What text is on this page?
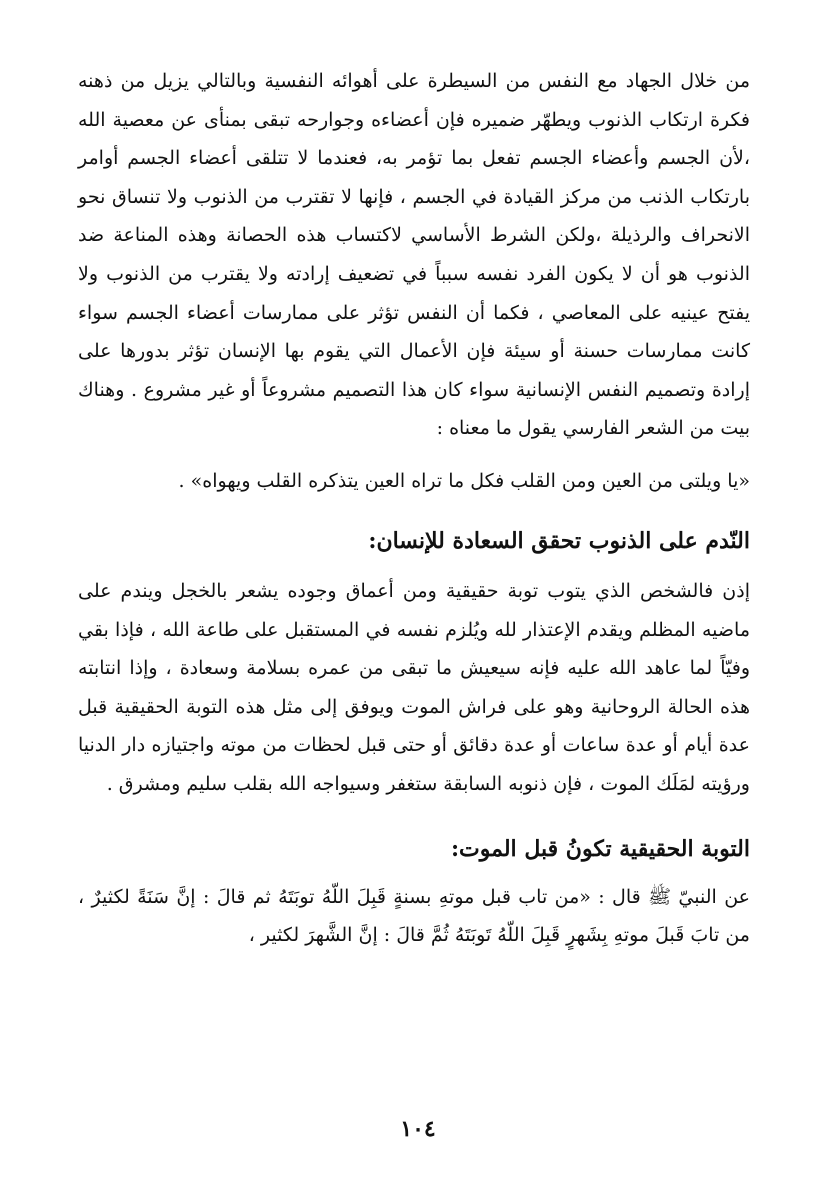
من خلال الجهاد مع النفس من السيطرة على أهوائه النفسية وبالتالي يزيل من ذهنه فكرة ارتكاب الذنوب ويطهّر ضميره فإن أعضاءه وجوارحه تبقى بمنأى عن معصية الله ،لأن الجسم وأعضاء الجسم تفعل بما تؤمر به، فعندما لا تتلقى أعضاء الجسم أوامر بارتكاب الذنب من مركز القيادة في الجسم ، فإنها لا تقترب من الذنوب ولا تنساق نحو الانحراف والرذيلة ،ولكن الشرط الأساسي لاكتساب هذه الحصانة وهذه المناعة ضد الذنوب هو أن لا يكون الفرد نفسه سبباً في تضعيف إرادته ولا يقترب من الذنوب ولا يفتح عينيه على المعاصي ، فكما أن النفس تؤثر على ممارسات أعضاء الجسم سواء كانت ممارسات حسنة أو سيئة فإن الأعمال التي يقوم بها الإنسان تؤثر بدورها على إرادة وتصميم النفس الإنسانية سواء كان هذا التصميم مشروعاً أو غير مشروع . وهناك بيت من الشعر الفارسي يقول ما معناه :

«يا ويلتى من العين ومن القلب فكل ما تراه العين يتذكره القلب ويهواه» .

النّدم على الذنوب تحقق السعادة للإنسان:

إذن فالشخص الذي يتوب توبة حقيقية ومن أعماق وجوده يشعر بالخجل ويندم على ماضيه المظلم ويقدم الإعتذار لله ويُلزم نفسه في المستقبل على طاعة الله ، فإذا بقي وفيّاً لما عاهد الله عليه فإنه سيعيش ما تبقى من عمره بسلامة وسعادة ، وإذا انتابته هذه الحالة الروحانية وهو على فراش الموت ويوفق إلى مثل هذه التوبة الحقيقية قبل عدة أيام أو عدة ساعات أو عدة دقائق أو حتى قبل لحظات من موته واجتيازه دار الدنيا ورؤيته لمَلَك الموت ، فإن ذنوبه السابقة ستغفر وسيواجه الله بقلب سليم ومشرق .

التوبة الحقيقية تكونُ قبل الموت:

عن النبيّ ﷺ قال : «من تاب قبل موتهِ بسنةٍ قَبِلَ اللّهُ توبَتَهُ ثم قالَ : إنَّ سَنَةً لكثيرٌ ، من تابَ قَبلَ موتهِ بِشَهرٍ قَبِلَ اللّهُ تَوبَتَهُ ثُمَّ قالَ : إنَّ الشَّهرَ لكثير ،

١٠٤
